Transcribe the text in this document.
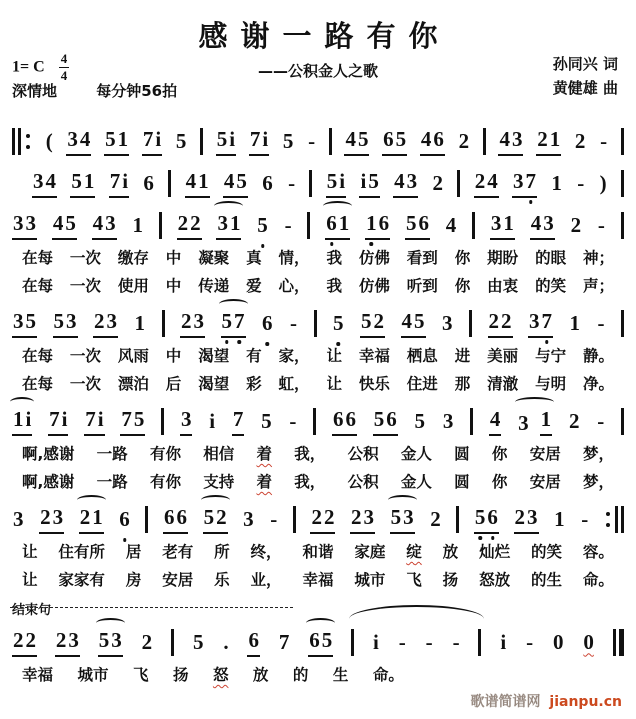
感谢一路有你
——公积金人之歌
1= C $\frac{4}{4}$
深情地	每分钟56拍
孙同兴 词
黄健雄 曲
( 3 4 5 1 7 i 5 5 i 7 i 5 - 4 5 6 5 4 6 2 4 3 2 1 2 -
3 4 5 1 7 i 6 4 1 4 5 6 - 5 i i 5 4 3 2 2 4 3 7 1 - )
3 3 4 5 4 3 1 2 2 3 1 5 - 6 1 1 6 5 6 4 3 1 4 3 2 -
在每 一次 缴存 中 凝聚 真 情， 我 仿佛 看到 你 期盼 的眼 神；
在每 一次 使用 中 传递 爱 心， 我 仿佛 听到 你 由衷 的笑 声；
3 5 5 3 2 3 1 2 3 5 7 6 - 5 5 2 4 5 3 2 2 3 7 1 -
在每 一次 风雨 中 渴望 有 家， 让 幸福 栖息 进 美丽 与宁 静。
在每 一次 漂泊 后 渴望 彩 虹， 让 快乐 住进 那 清澈 与明 净。
1 i 7 i 7 i 7 5 3 i 7 5 - 6 6 5 6 5 3 4 3
1 2 -
啊,感谢 一路 有你 相信 着 我， 公积 金人 圆 你 安居 梦，
啊,感谢 一路 有你 支持 着 我， 公积 金人 圆 你 安居 梦，
3 2 3 2 1 6 6 6 5 2 3 - 2 2 2 3 5 3 2 5 6 2 3 1 -
让 住有所 居 老有 所 终， 和谐 家庭 绽 放 灿烂 的笑 容。
让 家家有 房 安居 乐 业， 幸福 城市 飞 扬 怒放 的生 命。
结束句
2 2 2 3 5 3 2 5 . 6 7 6 5 i - - - i - 0 0
幸福 城市 飞 扬 怒 放 的 生 命。
歌谱简谱网 jianpu.cn
